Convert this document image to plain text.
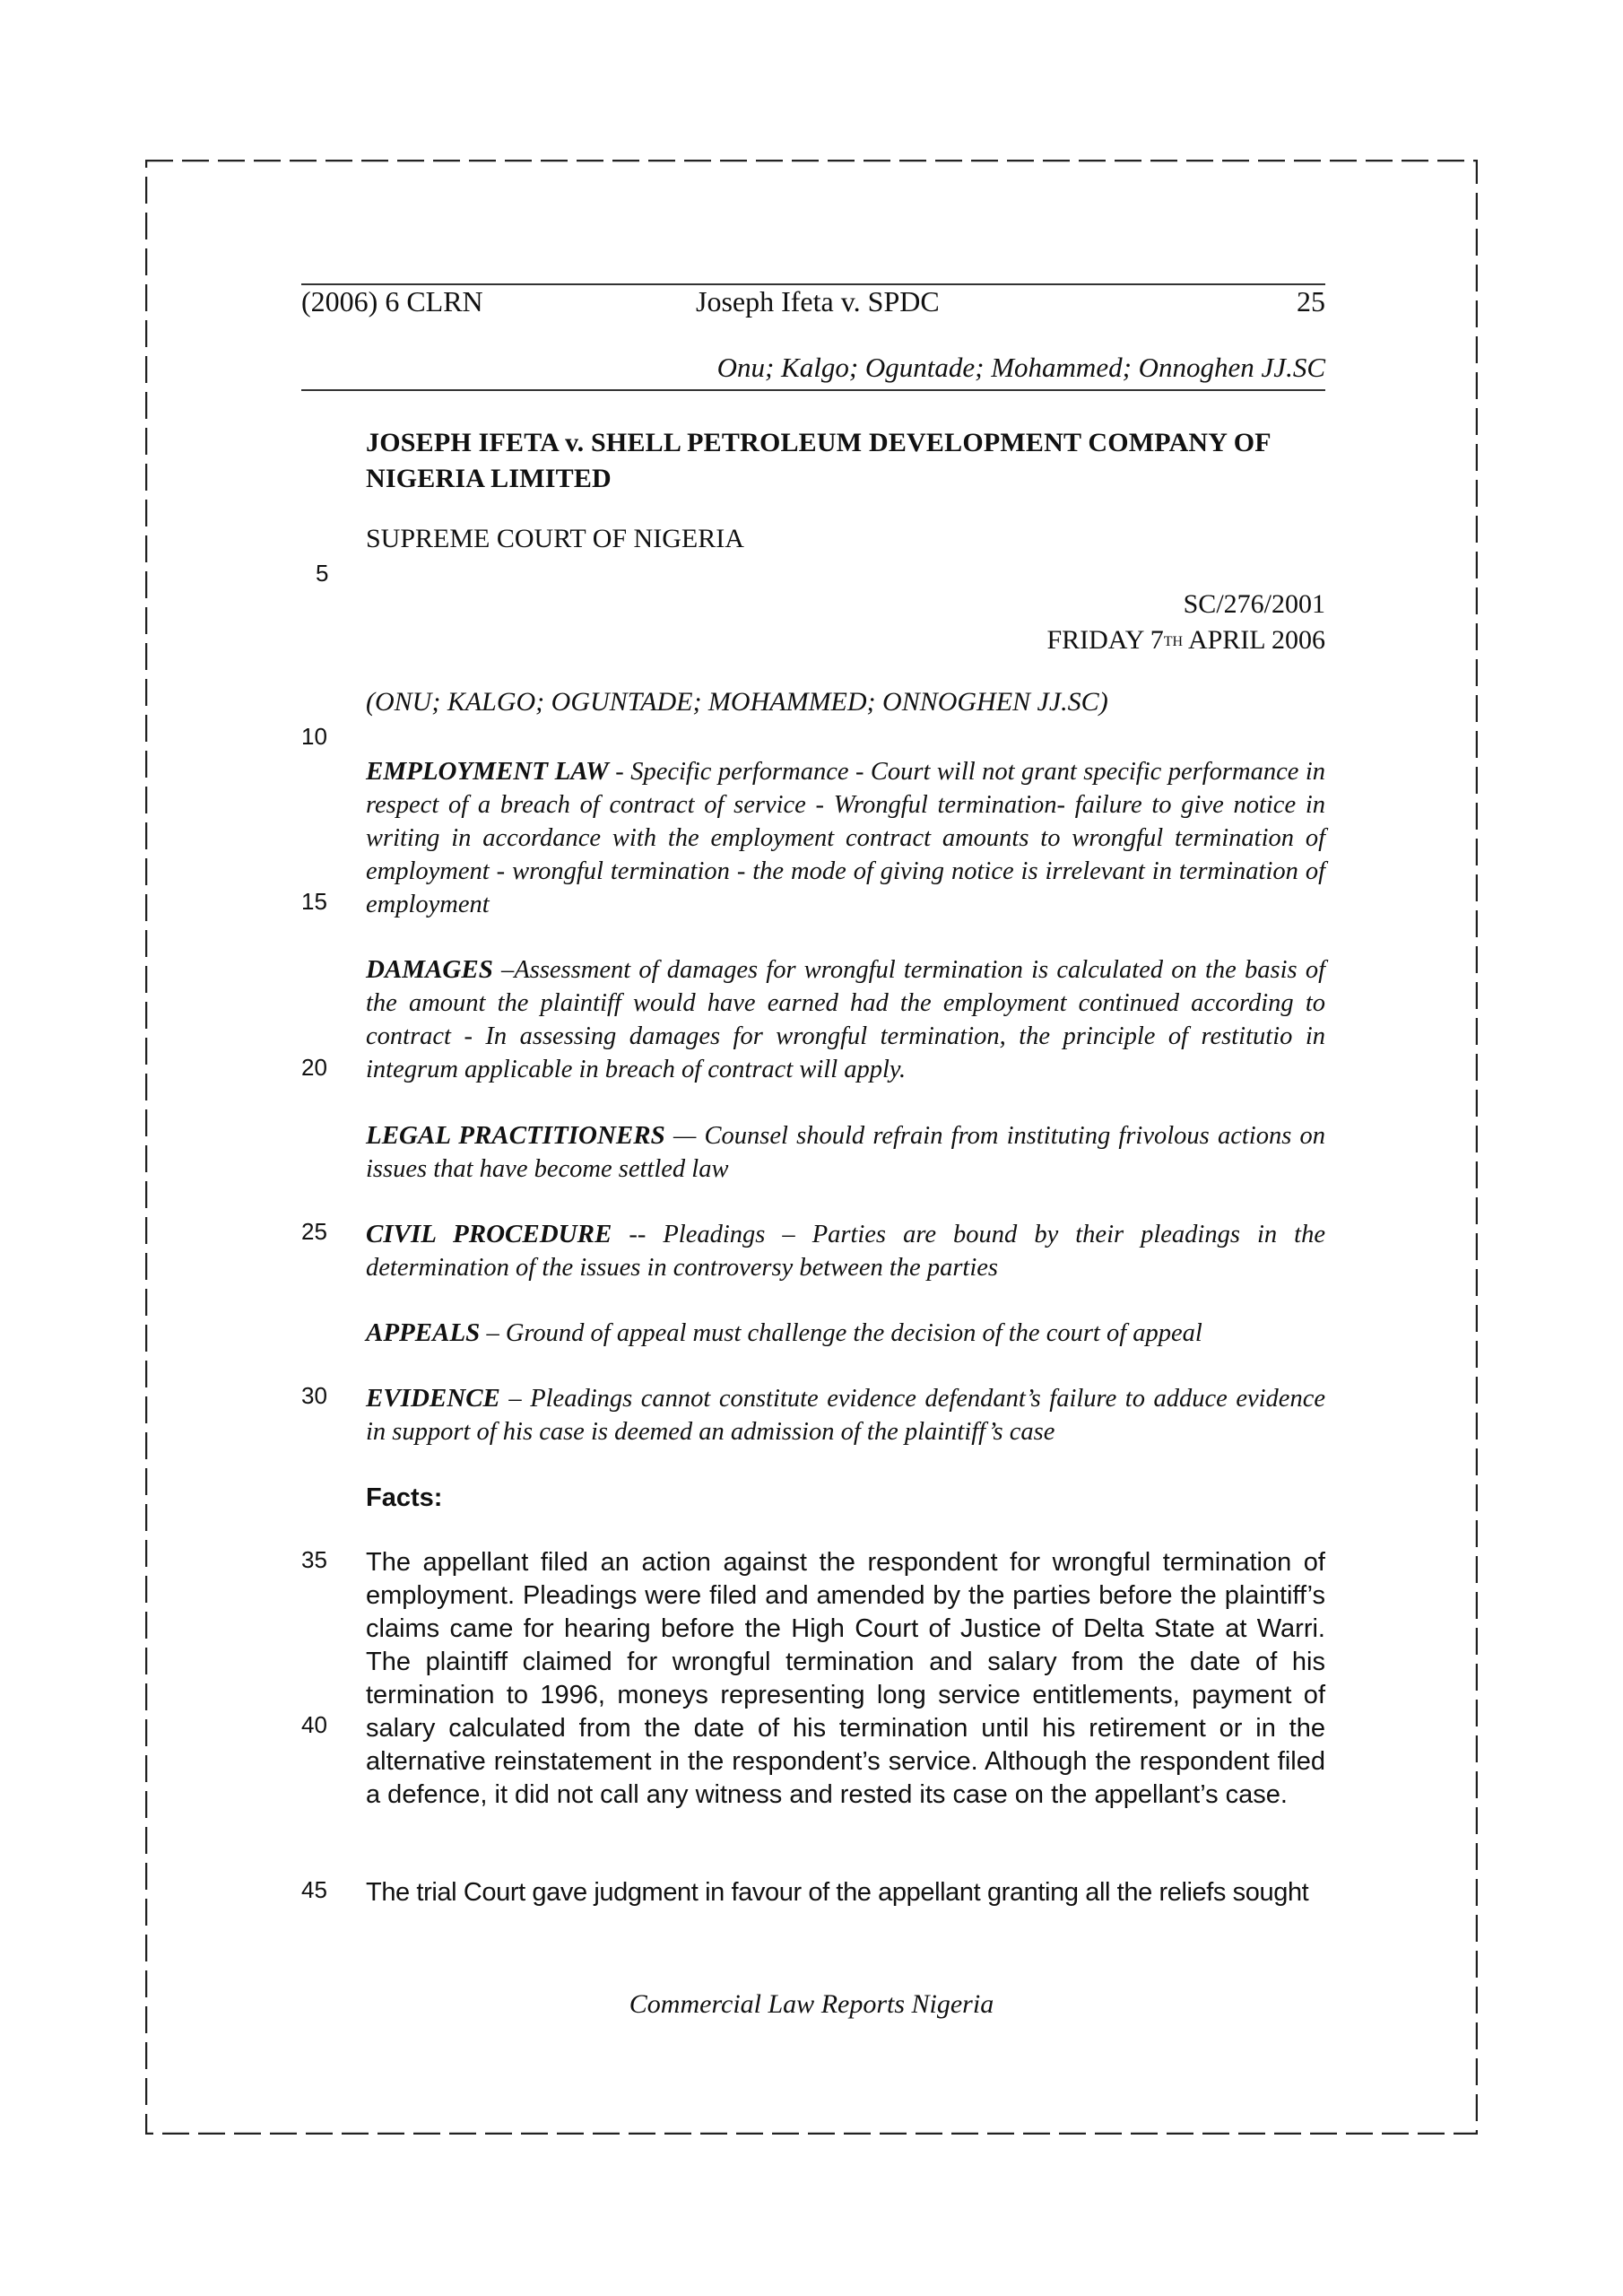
(2006) 6 CLRN	Joseph Ifeta v. SPDC	25
Onu; Kalgo; Oguntade; Mohammed; Onnoghen JJ.SC
JOSEPH IFETA v. SHELL PETROLEUM DEVELOPMENT COMPANY OF NIGERIA LIMITED
SUPREME COURT OF NIGERIA
SC/276/2001
FRIDAY 7TH APRIL 2006
(ONU; KALGO; OGUNTADE; MOHAMMED; ONNOGHEN JJ.SC)
EMPLOYMENT LAW - Specific performance - Court will not grant specific performance in respect of a breach of contract of service - Wrongful termination- failure to give notice in writing in accordance with the employment contract amounts to wrongful termination of employment - wrongful termination - the mode of giving notice is irrelevant in termination of employment
DAMAGES –Assessment of damages for wrongful termination is calculated on the basis of the amount the plaintiff would have earned had the employment continued according to contract - In assessing damages for wrongful termination, the principle of restitutio in integrum applicable in breach of contract will apply.
LEGAL PRACTITIONERS — Counsel should refrain from instituting frivolous actions on issues that have become settled law
CIVIL PROCEDURE -- Pleadings – Parties are bound by their pleadings in the determination of the issues in controversy between the parties
APPEALS – Ground of appeal must challenge the decision of the court of appeal
EVIDENCE – Pleadings cannot constitute evidence defendant’s failure to adduce evidence in support of his case is deemed an admission of the plaintiff’s case
Facts:
The appellant filed an action against the respondent for wrongful termination of employment. Pleadings were filed and amended by the parties before the plaintiff’s claims came for hearing before the High Court of Justice of Delta State at Warri. The plaintiff claimed for wrongful termination and salary from the date of his termination to 1996, moneys representing long service entitlements, payment of salary calculated from the date of his termination until his retirement or in the alternative reinstatement in the respondent’s service. Although the respondent filed a defence, it did not call any witness and rested its case on the appellant’s case.
The trial Court gave judgment in favour of the appellant granting all the reliefs sought
5
10
15
20
25
30
35
40
45
Commercial Law Reports Nigeria
